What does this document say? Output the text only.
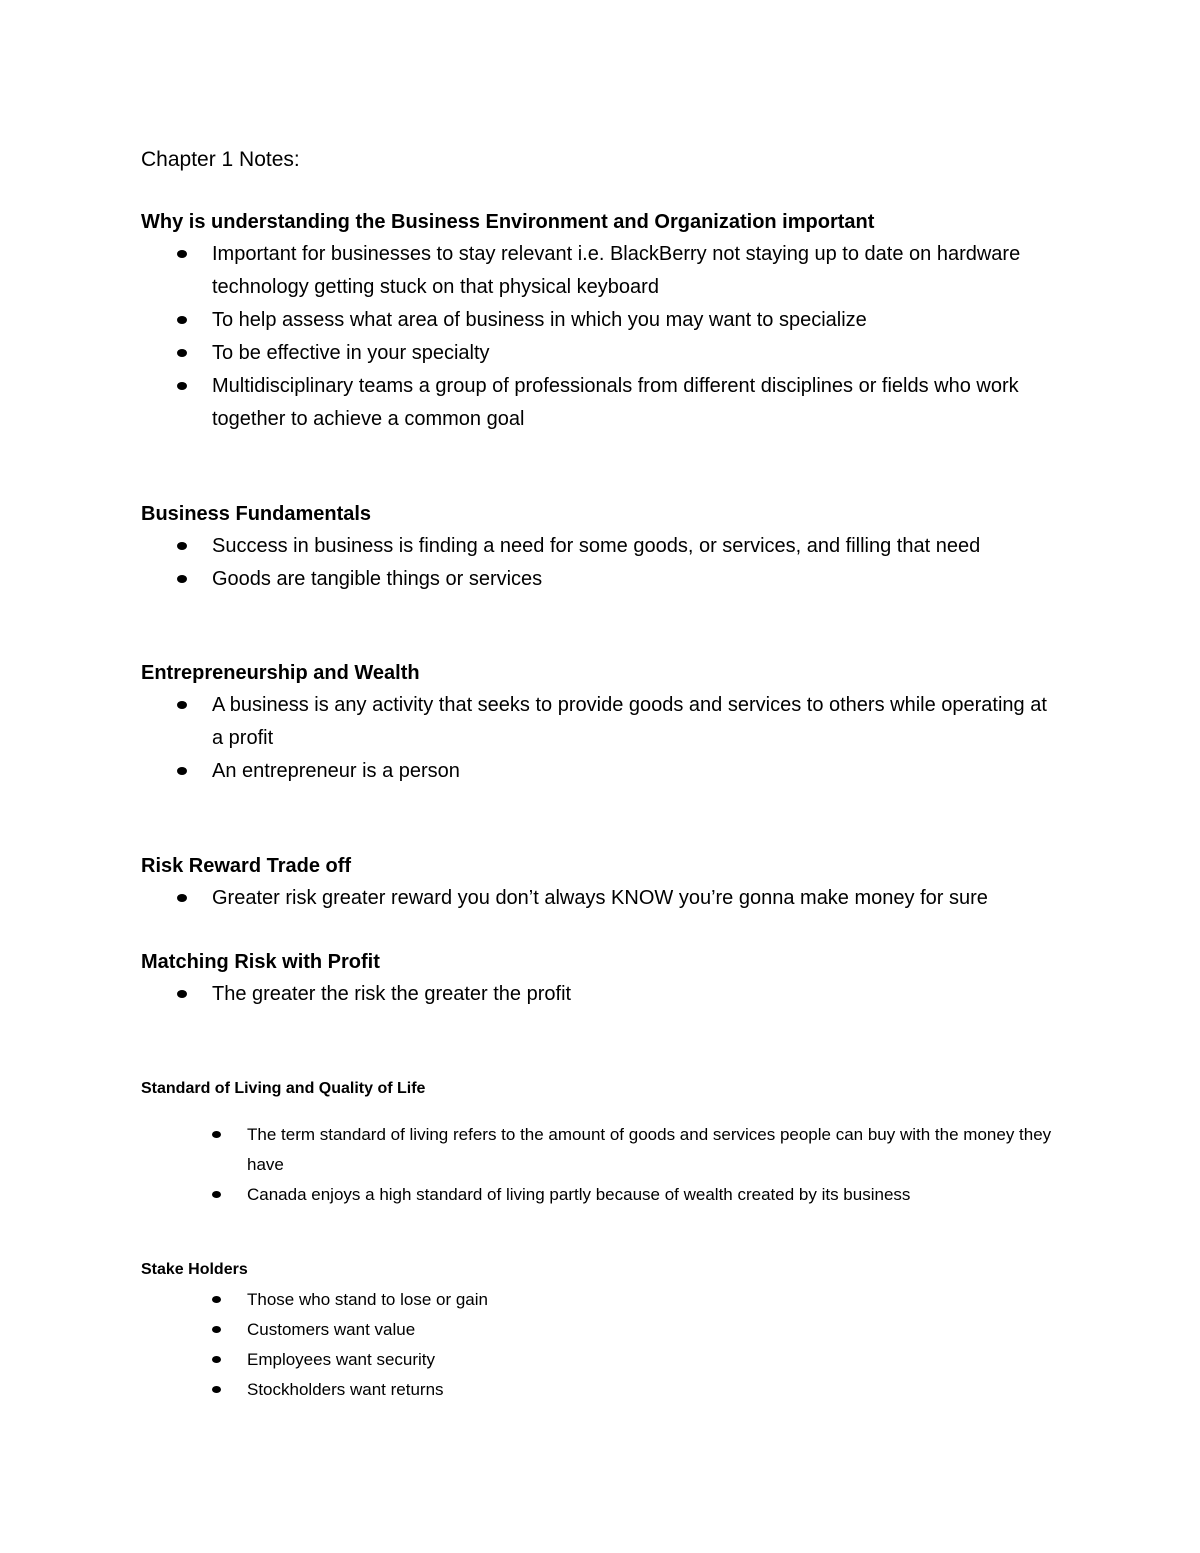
Chapter 1 Notes:
Why is understanding the Business Environment and Organization important
Important for businesses to stay relevant i.e. BlackBerry not staying up to date on hardware technology getting stuck on that physical keyboard
To help assess what area of business in which you may want to specialize
To be effective in your specialty
Multidisciplinary teams a group of professionals from different disciplines or fields who work together to achieve a common goal
Business Fundamentals
Success in business is finding a need for some goods, or services, and filling that need
Goods are tangible things or services
Entrepreneurship and Wealth
A business is any activity that seeks to provide goods and services to others while operating at a profit
An entrepreneur is a person
Risk Reward Trade off
Greater risk greater reward you don’t always KNOW you’re gonna make money for sure
Matching Risk with Profit
The greater the risk the greater the profit
Standard of Living and Quality of Life
The term standard of living refers to the amount of goods and services people can buy with the money they have
Canada enjoys a high standard of living partly because of wealth created by its business
Stake Holders
Those who stand to lose or gain
Customers want value
Employees want security
Stockholders want returns
